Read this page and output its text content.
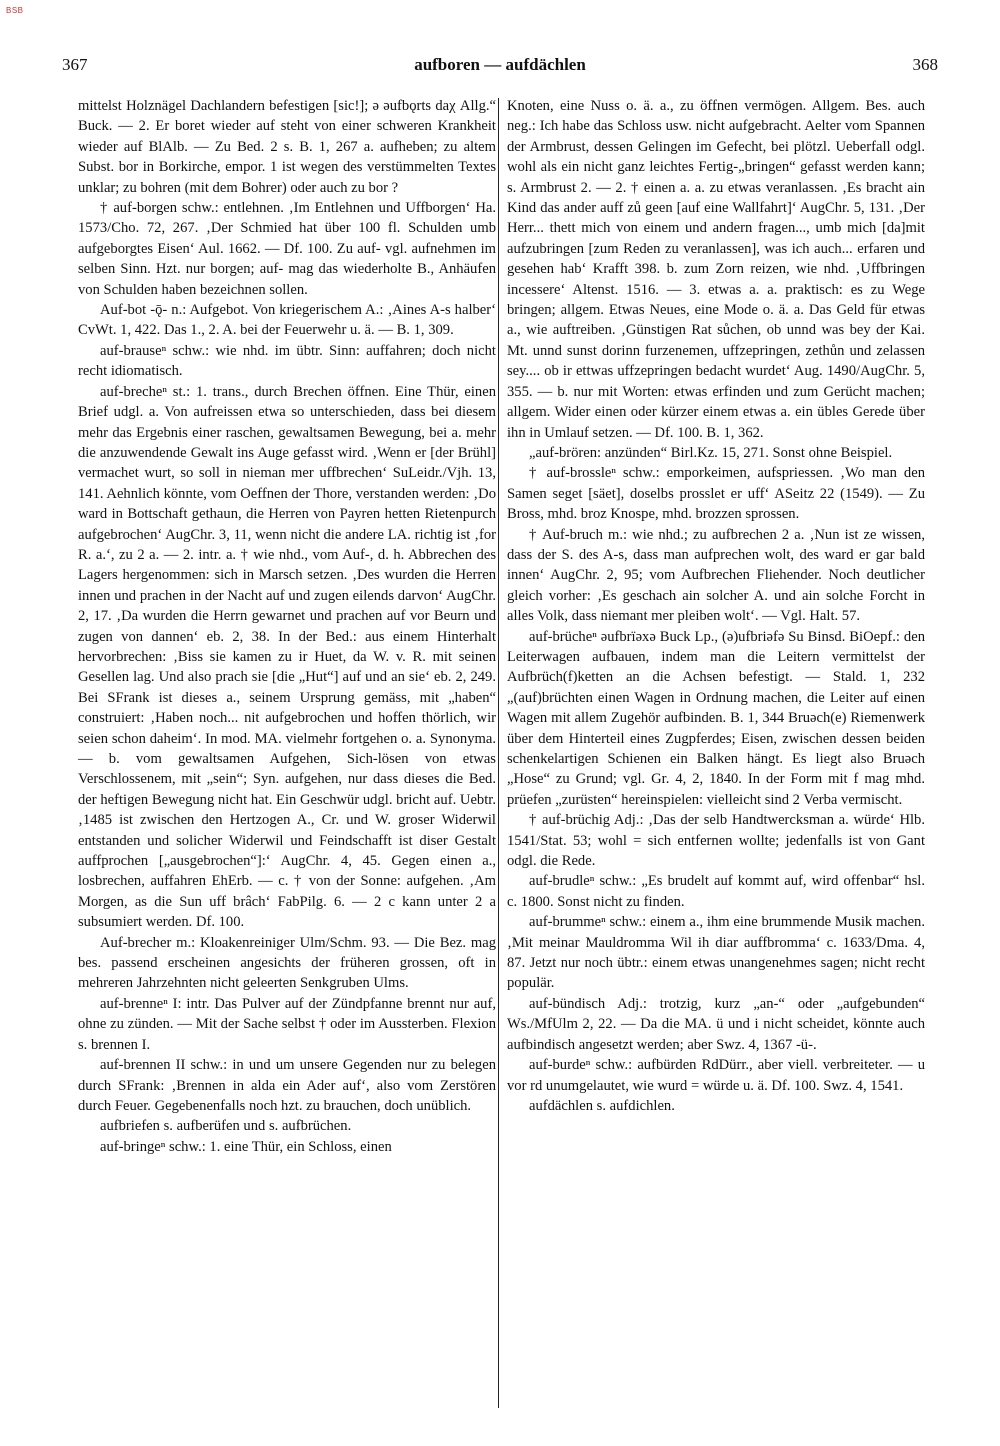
BSB
367	aufboren — aufdächlen	368

mittelst Holznägel Dachlandern befestigen [sic!]; ə əufbǫrts daχ Allg.“ Buck. — 2. Er boret wieder auf steht von einer schweren Krankheit wieder auf BlAlb. — Zu Bed. 2 s. B. 1, 267 a. aufheben; zu altem Subst. bor in Borkirche, empor. 1 ist wegen des verstümmelten Textes unklar; zu bohren (mit dem Bohrer) oder auch zu bor ?

† auf-borgen schw.: entlehnen. ‚Im Entlehnen und Uffborgen‘ Ha. 1573/Cho. 72, 267. ‚Der Schmied hat über 100 fl. Schulden umb aufgeborgtes Eisen‘ Aul. 1662. — Df. 100. Zu auf- vgl. aufnehmen im selben Sinn. Hzt. nur borgen; auf- mag das wiederholte B., Anhäufen von Schulden haben bezeichnen sollen.

Auf-bot -ǭ- n.: Aufgebot. Von kriegerischem A.: ‚Aines A-s halber‘ CvWt. 1, 422. Das 1., 2. A. bei der Feuerwehr u. ä. — B. 1, 309.

auf-brauseⁿ schw.: wie nhd. im übtr. Sinn: auffahren; doch nicht recht idiomatisch.

auf-brecheⁿ st.: 1. trans., durch Brechen öffnen. Eine Thür, einen Brief udgl. a. Von aufreissen etwa so unterschieden, dass bei diesem mehr das Ergebnis einer raschen, gewaltsamen Bewegung, bei a. mehr die anzuwendende Gewalt ins Auge gefasst wird. ‚Wenn er [der Brühl] vermachet wurt, so soll in nieman mer uffbrechen‘ SuLeidr./Vjh. 13, 141. Aehnlich könnte, vom Oeffnen der Thore, verstanden werden: ‚Do ward in Bottschaft gethaun, die Herren von Payren hetten Rietenpurch aufgebrochen‘ AugChr. 3, 11, wenn nicht die andere LA. richtig ist ‚for R. a.‘, zu 2 a. — 2. intr. a. † wie nhd., vom Auf-, d. h. Abbrechen des Lagers hergenommen: sich in Marsch setzen. ‚Des wurden die Herren innen und prachen in der Nacht auf und zugen eilends darvon‘ AugChr. 2, 17. ‚Da wurden die Herrn gewarnet und prachen auf vor Beurn und zugen von dannen‘ eb. 2, 38. In der Bed.: aus einem Hinterhalt hervorbrechen: ‚Biss sie kamen zu ir Huet, da W. v. R. mit seinen Gesellen lag. Und also prach sie [die „Hut“] auf und an sie‘ eb. 2, 249. Bei SFrank ist dieses a., seinem Ursprung gemäss, mit „haben“ construiert: ‚Haben noch... nit aufgebrochen und hoffen thörlich, wir seien schon daheim‘. In mod. MA. vielmehr fortgehen o. a. Synonyma. — b. vom gewaltsamen Aufgehen, Sich-lösen von etwas Verschlossenem, mit „sein“; Syn. aufgehen, nur dass dieses die Bed. der heftigen Bewegung nicht hat. Ein Geschwür udgl. bricht auf. Uebtr. ‚1485 ist zwischen den Hertzogen A., Cr. und W. groser Widerwil entstanden und solicher Widerwil und Feindschafft ist diser Gestalt auffprochen [„ausgebrochen“]:‘ AugChr. 4, 45. Gegen einen a., losbrechen, auffahren EhErb. — c. † von der Sonne: aufgehen. ‚Am Morgen, as die Sun uff brâch‘ FabPilg. 6. — 2 c kann unter 2 a subsumiert werden. Df. 100.

Auf-brecher m.: Kloakenreiniger Ulm/Schm. 93. — Die Bez. mag bes. passend erscheinen angesichts der früheren grossen, oft in mehreren Jahrzehnten nicht geleerten Senkgruben Ulms.

auf-brenneⁿ I: intr. Das Pulver auf der Zündpfanne brennt nur auf, ohne zu zünden. — Mit der Sache selbst † oder im Aussterben. Flexion s. brennen I.

auf-brennen II schw.: in und um unsere Gegenden nur zu belegen durch SFrank: ‚Brennen in alda ein Ader auf‘, also vom Zerstören durch Feuer. Gegebenenfalls noch hzt. zu brauchen, doch unüblich.

aufbriefen s. aufberüfen und s. aufbrüchen.

auf-bringeⁿ schw.: 1. eine Thür, ein Schloss, einen

Knoten, eine Nuss o. ä. a., zu öffnen vermögen. Allgem. Bes. auch neg.: Ich habe das Schloss usw. nicht aufgebracht. Aelter vom Spannen der Armbrust, dessen Gelingen im Gefecht, bei plötzl. Ueberfall odgl. wohl als ein nicht ganz leichtes Fertig-„bringen“ gefasst werden kann; s. Armbrust 2. — 2. † einen a. a. zu etwas veranlassen. ‚Es bracht ain Kind das ander auff zů geen [auf eine Wallfahrt]‘ AugChr. 5, 131. ‚Der Herr... thett mich von einem und andern fragen..., umb mich [da]mit aufzubringen [zum Reden zu veranlassen], was ich auch... erfaren und gesehen hab‘ Krafft 398. b. zum Zorn reizen, wie nhd. ‚Uffbringen incessere‘ Altenst. 1516. — 3. etwas a. a. praktisch: es zu Wege bringen; allgem. Etwas Neues, eine Mode o. ä. a. Das Geld für etwas a., wie auftreiben. ‚Günstigen Rat sůchen, ob unnd was bey der Kai. Mt. unnd sunst dorinn furzenemen, uffzepringen, zethůn und zelassen sey.... ob ir ettwas uffzepringen bedacht wurdet‘ Aug. 1490/AugChr. 5, 355. — b. nur mit Worten: etwas erfinden und zum Gerücht machen; allgem. Wider einen oder kürzer einem etwas a. ein übles Gerede über ihn in Umlauf setzen. — Df. 100. B. 1, 362.

„auf-brören: anzünden“ Birl.Kz. 15, 271. Sonst ohne Beispiel.

† auf-brossleⁿ schw.: emporkeimen, aufspriessen. ‚Wo man den Samen seget [säet], doselbs prosslet er uff‘ ASeitz 22 (1549). — Zu Bross, mhd. broz Knospe, mhd. brozzen sprossen.

† Auf-bruch m.: wie nhd.; zu aufbrechen 2 a. ‚Nun ist ze wissen, dass der S. des A-s, dass man aufprechen wolt, des ward er gar bald innen‘ AugChr. 2, 95; vom Aufbrechen Fliehender. Noch deutlicher gleich vorher: ‚Es geschach ain solcher A. und ain solche Forcht in alles Volk, dass niemant mer pleiben wolt‘. — Vgl. Halt. 57.

auf-brücheⁿ əufbrïəxə Buck Lp., (ə)ufbriəfə Su Binsd. BiOepf.: den Leiterwagen aufbauen, indem man die Leitern vermittelst der Aufbrüch(f)ketten an die Achsen befestigt. — Stald. 1, 232 „(auf)brüchten einen Wagen in Ordnung machen, die Leiter auf einen Wagen mit allem Zugehör aufbinden. B. 1, 344 Bruəch(e) Riemenwerk über dem Hinterteil eines Zugpferdes; Eisen, zwischen dessen beiden schenkelartigen Schienen ein Balken hängt. Es liegt also Bruəch „Hose“ zu Grund; vgl. Gr. 4, 2, 1840. In der Form mit f mag mhd. prüefen „zurüsten“ hereinspielen: vielleicht sind 2 Verba vermischt.

† auf-brüchig Adj.: ‚Das der selb Handtwercksman a. würde‘ Hlb. 1541/Stat. 53; wohl = sich entfernen wollte; jedenfalls ist von Gant odgl. die Rede.

auf-brudleⁿ schw.: „Es brudelt auf kommt auf, wird offenbar“ hsl. c. 1800. Sonst nicht zu finden.

auf-brummeⁿ schw.: einem a., ihm eine brummende Musik machen. ‚Mit meinar Mauldromma Wil ih diar auffbromma‘ c. 1633/Dma. 4, 87. Jetzt nur noch übtr.: einem etwas unangenehmes sagen; nicht recht populär.

auf-bündisch Adj.: trotzig, kurz „an-“ oder „aufgebunden“ Ws./MfUlm 2, 22. — Da die MA. ü und i nicht scheidet, könnte auch aufbindisch angesetzt werden; aber Swz. 4, 1367 -ü-.

auf-burdeⁿ schw.: aufbürden RdDürr., aber viell. verbreiteter. — u vor rd unumgelautet, wie wurd = würde u. ä. Df. 100. Swz. 4, 1541.

aufdächlen s. aufdichlen.
